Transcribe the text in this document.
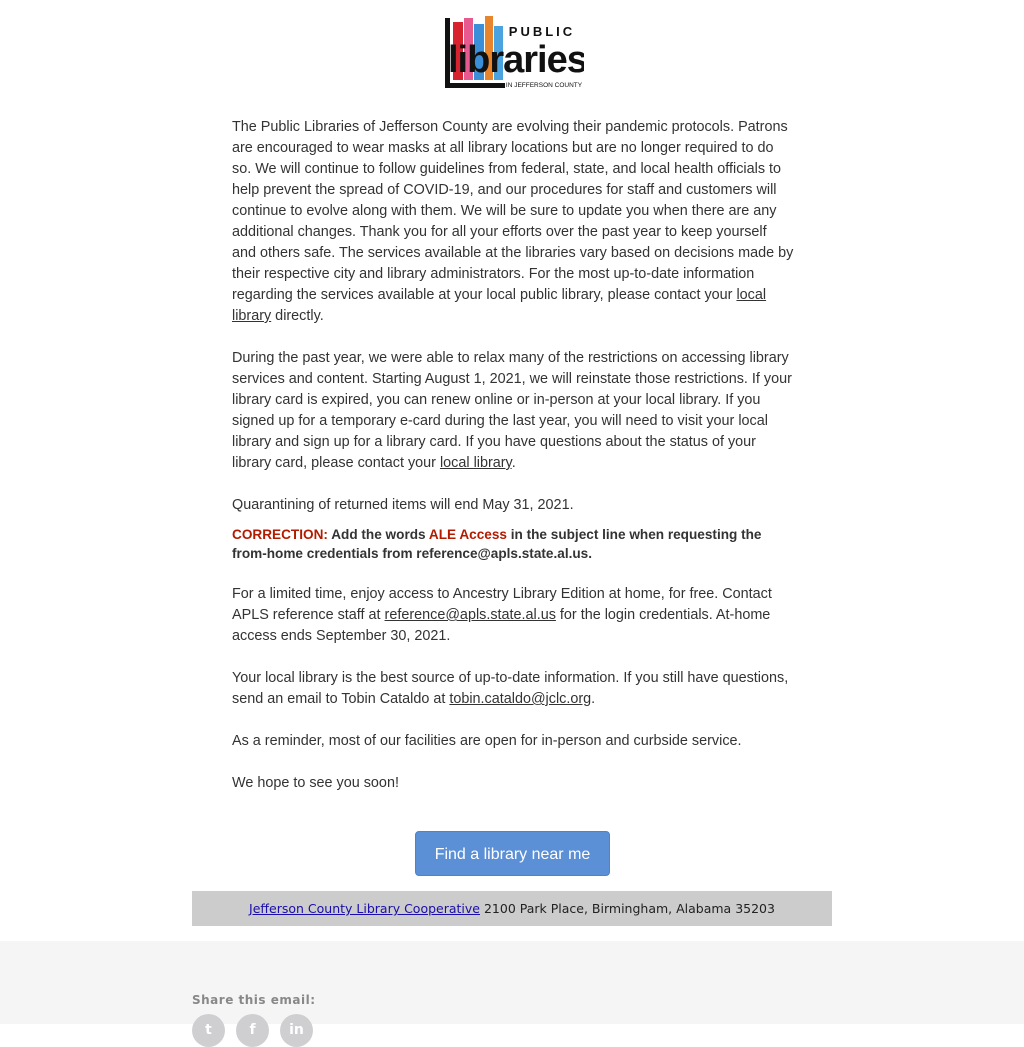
PUBLIC
libraries
IN JEFFERSON COUNTY

The Public Libraries of Jefferson County are evolving their pandemic protocols. Patrons are encouraged to wear masks at all library locations but are no longer required to do so. We will continue to follow guidelines from federal, state, and local health officials to help prevent the spread of COVID-19, and our procedures for staff and customers will continue to evolve along with them. We will be sure to update you when there are any additional changes. Thank you for all your efforts over the past year to keep yourself and others safe. The services available at the libraries vary based on decisions made by their respective city and library administrators. For the most up-to-date information regarding the services available at your local public library, please contact your local library directly.

During the past year, we were able to relax many of the restrictions on accessing library services and content. Starting August 1, 2021, we will reinstate those restrictions. If your library card is expired, you can renew online or in-person at your local library. If you signed up for a temporary e-card during the last year, you will need to visit your local library and sign up for a library card. If you have questions about the status of your library card, please contact your local library.

Quarantining of returned items will end May 31, 2021.

CORRECTION: Add the words ALE Access in the subject line when requesting the from-home credentials from reference@apls.state.al.us.

For a limited time, enjoy access to Ancestry Library Edition at home, for free. Contact APLS reference staff at reference@apls.state.al.us for the login credentials. At-home access ends September 30, 2021.

Your local library is the best source of up-to-date information. If you still have questions, send an email to Tobin Cataldo at tobin.cataldo@jclc.org.

As a reminder, most of our facilities are open for in-person and curbside service.

We hope to see you soon!

Find a library near me
Jefferson County Library Cooperative 2100 Park Place, Birmingham, Alabama 35203
Share this email:
t	f	in
